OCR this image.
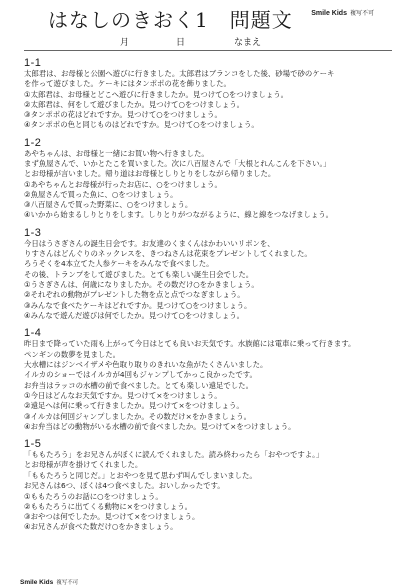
はなしのきおく1　問題文	Smile Kids 複写不可
月	日	なまえ
1-1
太郎君は、お母様と公園へ遊びに行きました。太郎君はブランコをした後、砂場で砂のケーキ
を作って遊びました。ケーキにはタンポポの花を飾りました。
①太郎君は、お母様とどこへ遊びに行きましたか。見つけて○をつけましょう。
②太郎君は、何をして遊びましたか。見つけて○をつけましょう。
③タンポポの花はどれですか。見つけて○をつけましょう。
④タンポポの色と同じものはどれですか。見つけて○をつけましょう。
1-2
あやちゃんは、お母様と一緒にお買い物へ行きました。
まず魚屋さんで、いかとたこを買いました。次に八百屋さんで「大根とれんこんを下さい。」
とお母様が言いました。帰り道はお母様としりとりをしながら帰りました。
①あやちゃんとお母様が行ったお店に、○をつけましょう。
②魚屋さんで買った魚に、○をつけましょう。
③八百屋さんで買った野菜に、○をつけましょう。
④いかから始まるしりとりをします。しりとりがつながるように、線と線をつなげましょう。
1-3
今日はうさぎさんの誕生日会です。お友達のくまくんはかわいいリボンを、
りすさんはどんぐりのネックレスを、きつねさんは花束をプレゼントしてくれました。
ろうそくを4本立てた人参ケーキをみんなで食べました。
その後、トランプをして遊びました。とても楽しい誕生日会でした。
①うさぎさんは、何歳になりましたか。その数だけ○をかきましょう。
②それぞれの動物がプレゼントした物を点と点でつなぎましょう。
③みんなで食べたケーキはどれですか。見つけて○をつけましょう。
④みんなで遊んだ遊びは何でしたか。見つけて○をつけましょう。
1-4
昨日まで降っていた雨も上がって今日はとても良いお天気です。水族館には電車に乗って行きます。
ペンギンの数夢を見ました。
大水槽にはジンベイザメや色取り取りのきれいな魚がたくさんいました。
イルカのショーではイルカが4回もジャンプしてかっこ良かったです。
お弁当はラッコの水槽の前で食べました。とても楽しい遠足でした。
①今日はどんなお天気ですか。見つけて×をつけましょう。
②遠足へは何に乗って行きましたか。見つけて×をつけましょう。
③イルカは何回ジャンプしましたか。その数だけ×をかきましょう。
④お弁当はどの動物がいる水槽の前で食べましたか。見つけて×をつけましょう。
1-5
「ももたろう」をお兄さんがぼくに読んでくれました。読み終わったら「おやつですよ。」
とお母様が声を掛けてくれました。
「ももたろうと同じだ。」とおやつを見て思わず叫んでしまいました。
お兄さんは6つ、ぼくは4つ食べました。おいしかったです。
①ももたろうのお話に○をつけましょう。
②ももたろうに出てくる動物に×をつけましょう。
③おやつは何でしたか。見つけて×をつけましょう。
④お兄さんが食べた数だけ○をかきましょう。
Smile Kids 複写不可
